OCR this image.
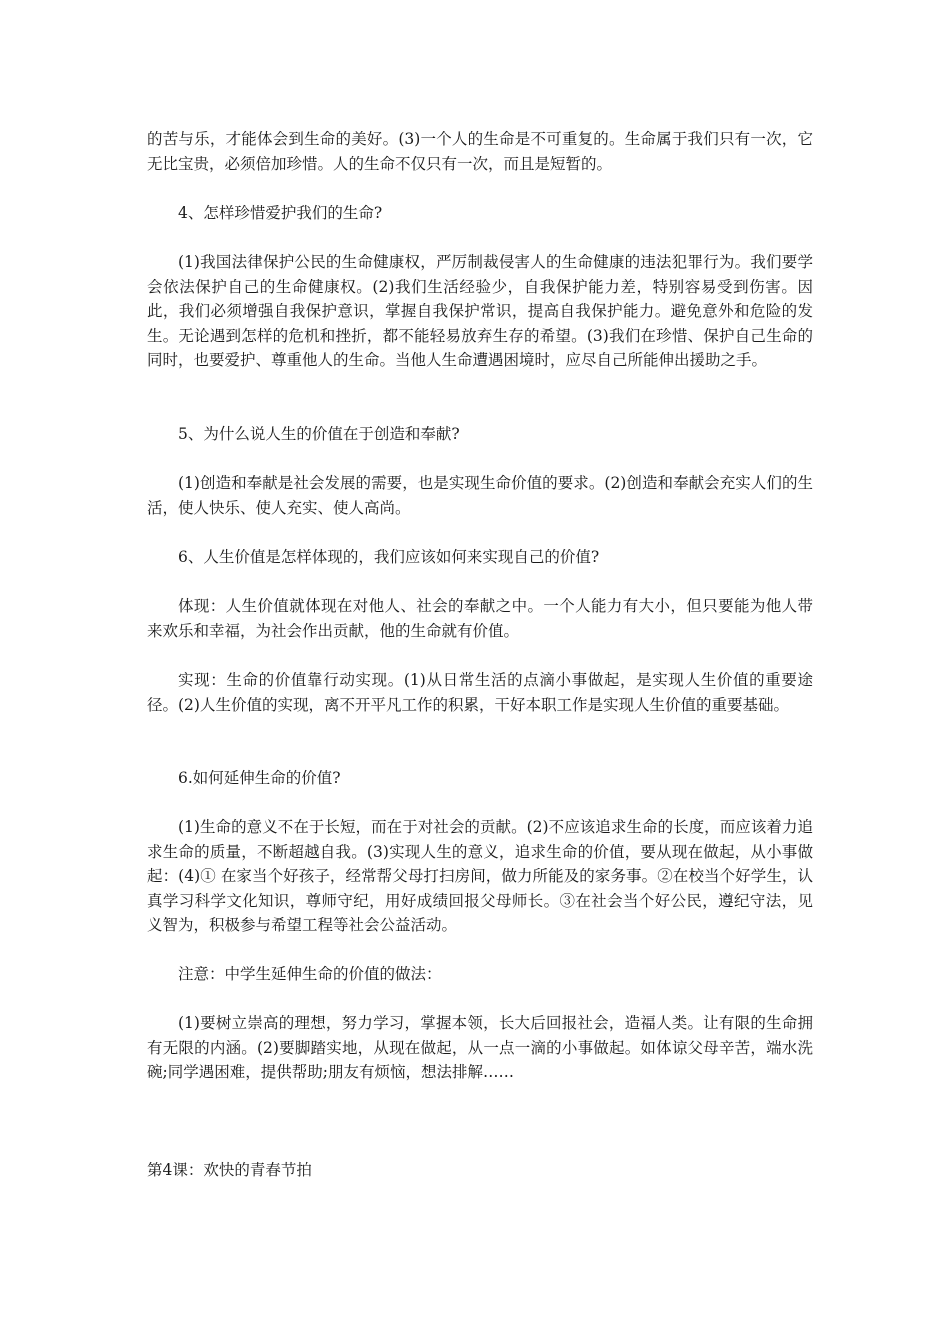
的苦与乐，才能体会到生命的美好。(3)一个人的生命是不可重复的。生命属于我们只有一次，它无比宝贵，必须倍加珍惜。人的生命不仅只有一次，而且是短暂的。
4、怎样珍惜爱护我们的生命?
(1)我国法律保护公民的生命健康权，严厉制裁侵害人的生命健康的违法犯罪行为。我们要学会依法保护自己的生命健康权。(2)我们生活经验少，自我保护能力差，特别容易受到伤害。因此，我们必须增强自我保护意识，掌握自我保护常识，提高自我保护能力。避免意外和危险的发生。无论遇到怎样的危机和挫折，都不能轻易放弃生存的希望。(3)我们在珍惜、保护自己生命的同时，也要爱护、尊重他人的生命。当他人生命遭遇困境时，应尽自己所能伸出援助之手。
5、为什么说人生的价值在于创造和奉献?
(1)创造和奉献是社会发展的需要，也是实现生命价值的要求。(2)创造和奉献会充实人们的生活，使人快乐、使人充实、使人高尚。
6、人生价值是怎样体现的，我们应该如何来实现自己的价值?
体现：人生价值就体现在对他人、社会的奉献之中。一个人能力有大小，但只要能为他人带来欢乐和幸福，为社会作出贡献，他的生命就有价值。
实现：生命的价值靠行动实现。(1)从日常生活的点滴小事做起，是实现人生价值的重要途径。(2)人生价值的实现，离不开平凡工作的积累，干好本职工作是实现人生价值的重要基础。
6.如何延伸生命的价值?
(1)生命的意义不在于长短，而在于对社会的贡献。(2)不应该追求生命的长度，而应该着力追求生命的质量，不断超越自我。(3)实现人生的意义，追求生命的价值，要从现在做起，从小事做起：(4)① 在家当个好孩子，经常帮父母打扫房间，做力所能及的家务事。②在校当个好学生，认真学习科学文化知识，尊师守纪，用好成绩回报父母师长。③在社会当个好公民，遵纪守法，见义智为，积极参与希望工程等社会公益活动。
注意：中学生延伸生命的价值的做法：
(1)要树立崇高的理想，努力学习，掌握本领，长大后回报社会，造福人类。让有限的生命拥有无限的内涵。(2)要脚踏实地，从现在做起，从一点一滴的小事做起。如体谅父母辛苦，端水洗碗;同学遇困难，提供帮助;朋友有烦恼，想法排解……
第4课：欢快的青春节拍
